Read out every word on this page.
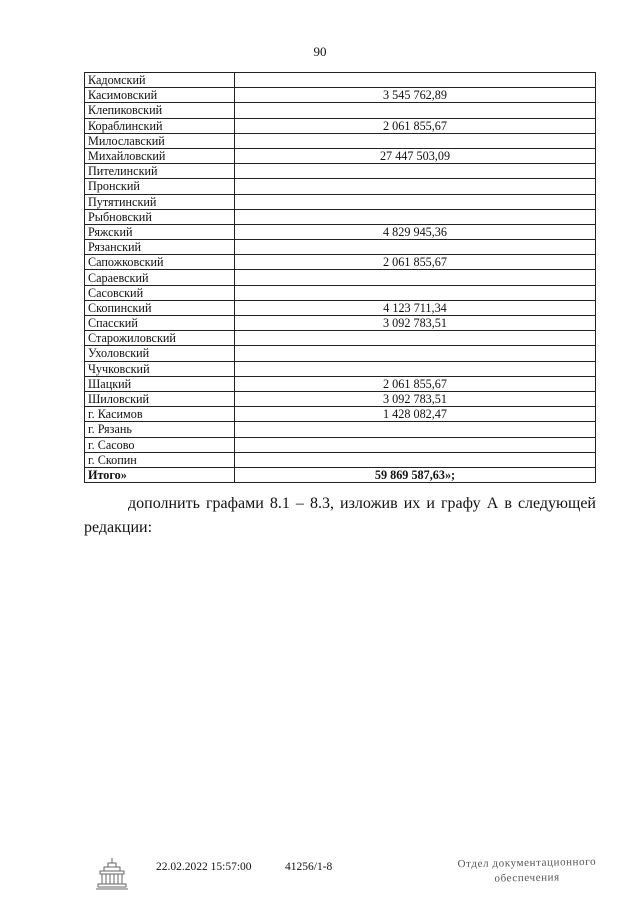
90
Кадомский	
Касимовский	3 545 762,89
Клепиковский	
Кораблинский	2 061 855,67
Милославский	
Михайловский	27 447 503,09
Пителинский	
Пронский	
Путятинский	
Рыбновский	
Ряжский	4 829 945,36
Рязанский	
Сапожковский	2 061 855,67
Сараевский	
Сасовский	
Скопинский	4 123 711,34
Спасский	3 092 783,51
Старожиловский	
Ухоловский	
Чучковский	
Шацкий	2 061 855,67
Шиловский	3 092 783,51
г. Касимов	1 428 082,47
г. Рязань	
г. Сасово	
г. Скопин	
Итого»	59 869 587,63»;
дополнить графами 8.1 – 8.3, изложив их и графу А в следующей редакции:
22.02.2022 15:57:00	41256/1-8	Отдел документационного
обеспечения
